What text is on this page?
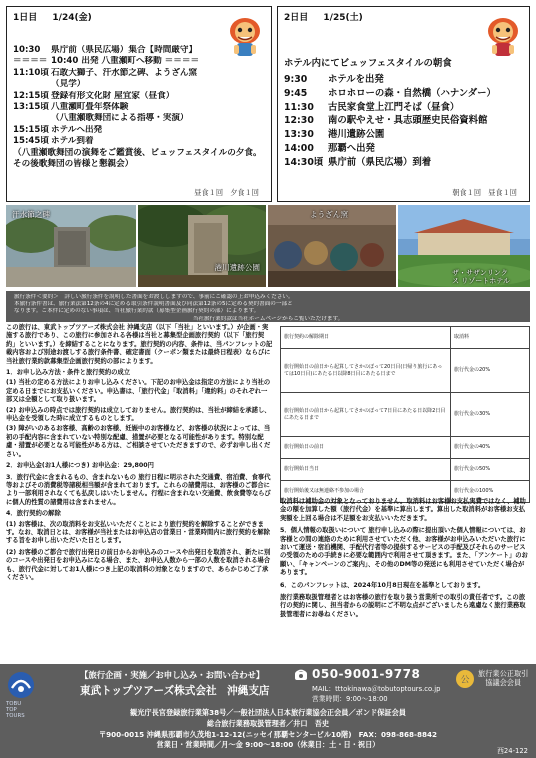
1日目 1/24(金)
10:30	県庁前（県民広場）集合【時間厳守】
＝＝＝＝ 10:40 出発 八重瀬町へ移動 ＝＝＝＝
11:10頃 石敢大獅子、汗水節之碑、ようざん窯
（見学）
12:15頃 登録有形文化財 屋宜家（昼食）
13:15頃 八重瀬町畳年祭体験
（八重瀬歌舞団による指導・実演）
15:15頃 ホテルへ出発
15:45頃 ホテル到着
（八重瀬歌舞団の演舞をご鑑賞後、ビュッフェスタイルの夕食。その後歌舞団の皆様と懇親会）
昼食１回　夕食１回
2日目 1/25(土)
ホテル内にてビュッフェスタイルの朝食
9:30	ホテルを出発
9:45	ホロホローの森・自然橋（ハナンダー）
11:30	古民家食堂上江門そば（昼食）
12:30	南の駅やえせ・具志頭歴史民俗資料館
13:30	港川遺跡公園
14:00	那覇へ出発
14:30頃 県庁前（県民広場）到着
朝食１回　昼食１回
汗水節之碑
港川遺跡公園
ようざん窯
ザ・サザンリンクス リゾートホテル

旅行条件＜要約＞　詳しい旅行条件を説明した書面をお渡ししますので、事前にご確認の上お申込みください。

本旅行条件書は、旅行業法第12条の4に定める取引条件説明書面及び同法第12条の5に定める契約書面の一部と

なります。ご本件に定めのない事項は、当社旅行業約款（募集型企画旅行契約の部）によります。

当社旅行業約款は当社ホームページからご覧いただけます。

この旅行は、東武トップツアーズ株式会社 沖縄支店（以下「当社」といいます。）が企画・実施する旅行であり、この旅行に参加される各様は当社と募集型企画旅行契約（以下「旅行契約」といいます。）を締結することになります。旅行契約の内容、条件は、当パンフレットの記載内容および別途お渡しする旅行条件書、確定書面（クーポン類または最終日程表）ならびに当社旅行業約款募集型企画旅行契約の部によります。

1．お申し込み方法・条件と旅行契約の成立

(1) 当社の定める方法によりお申し込みください。下記のお申込金は指定の方法により当社の定める日までにお支払いください。申込書は、「旅行代金」「取消料」「違約料」のそれぞれ一部又は全額として取り扱います。

(2) お申込みの時点では旅行契約は成立しておりません。旅行契約は、当社が締結を承諾し、申込金を受領した時に成立するものとします。

(3) 障がいのあるお客様、高齢のお客様、妊娠中のお客様など、お客様の状況によっては、当初の手配内容に含まれていない特別な配慮、措置が必要となる可能性があります。特別な配慮・措置が必要となる可能性がある方は、ご相談させていただきますので、必ずお申し出ください。

2．お申込金(お1人様につき) お申込金：29,800円

3．旅行代金に含まれるもの、含まれないもの 旅行日程に明示された交通費、宿泊費、食事代等およびその消費税等諸税相当額が含まれております。これらの諸費用は、お客様のご都合により一部利用されなくても払戻しはいたしません。行程に含まれない交通費、飲食費等ならびに個人的性質の諸費用は含まれません。

4．旅行契約の解除

(1) お客様は、次の取消料をお支払いいただくことにより旅行契約を解除することができます。なお、取消日とは、お客様が当社またはお申込店の営業日・営業時間内に旅行契約を解除する旨をお申し出いただいた日とします。

(2) お客様のご都合で旅行出発日の前日からお申込みのコースや出発日を取消され、新たに別のコースや出発日をお申込みになる場合、また、お申込人数から一部の人数を取消される場合も、旅行代金に対してお1人様につき上記の取消料の対象となりますので、あらかじめご了承ください。

旅行契約の解除期日	取消料
旅行開始日の前日から起算してさかのぼって20日目(日帰り旅行にあっては10日目)にあたる日以降8日目にあたる日まで	旅行代金の20%
旅行開始日の前日から起算してさかのぼって7日目にあたる日以降2日目にあたる日まで	旅行代金の30%
旅行開始日の前日	旅行代金の40%
旅行開始日当日	旅行代金の50%
旅行開始後又は無連絡不参加の場合	旅行代金の100%

取消料は補助金の対象となっておりません。取消料はお客様お支払実費ではなく、補助金の額を加算した額（旅行代金）を基準に算出します。算出した取消料がお客様お支払実額を上回る場合は不足額をお支払いいただきます。

5．個人情報の取扱いについて 旅行申し込みの際に提出頂いた個人情報については、お客様との間の連絡のために利用させていただく他、お客様がお申込みいただいた旅行において運送・宿泊機関、手配代行者等の提供するサービスの手配及びそれらのサービスの受領のための手続きに必要な範囲内で利用させて頂きます。また、「アンケート」のお願い、「キャンペーンのご案内」、その他のDM等の発送にも利用させていただく場合があります。

6．このパンフレットは、2024年10月8日現在を基準としております。

旅行業務取扱管理者とはお客様の旅行を取り扱う営業所での取引の責任者です。この旅行の契約に関し、担当者からの説明にご不明な点がございましたら遠慮なく旅行業務取扱管理者にお尋ねください。

TOBU
TOP
TOURS
【旅行企画・実施／お申し込み・お問い合わせ】
東武トップツアーズ株式会社　沖縄支店
050-9001-9778
MAIL：tttokinawa＠tobutoptours.co.jp
営業時間：9:00～18:00
公
旅行業公正取引
協議会会員
観光庁長官登録旅行業第38号／一般社団法人日本旅行業協会正会員／ボンド保証会員
総合旅行業務取扱管理者／井口　吾史
〒900-0015 沖縄県那覇市久茂地1-12-12(ニッセイ那覇センタービル10階)　FAX：098-868-8842
営業日・営業時間／月～金 9:00～18:00（休業日：土・日・祝日）
西24-122
